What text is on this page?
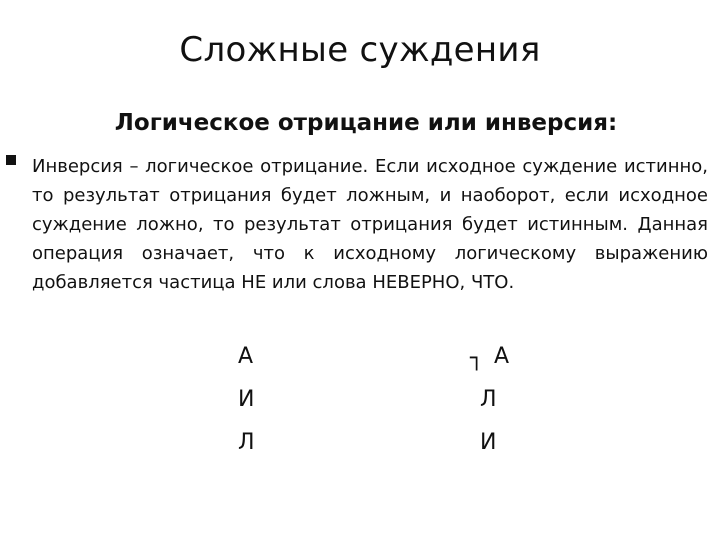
Сложные суждения
Логическое отрицание или инверсия:

Инверсия – логическое отрицание. Если исходное суждение истинно, то результат отрицания будет ложным, и наоборот, если исходное суждение ложно, то результат отрицания будет истинным. Данная операция означает, что к исходному логическому выражению добавляется частица НЕ или слова НЕВЕРНО, ЧТО.

А
И
Л
┐ А
Л
И
